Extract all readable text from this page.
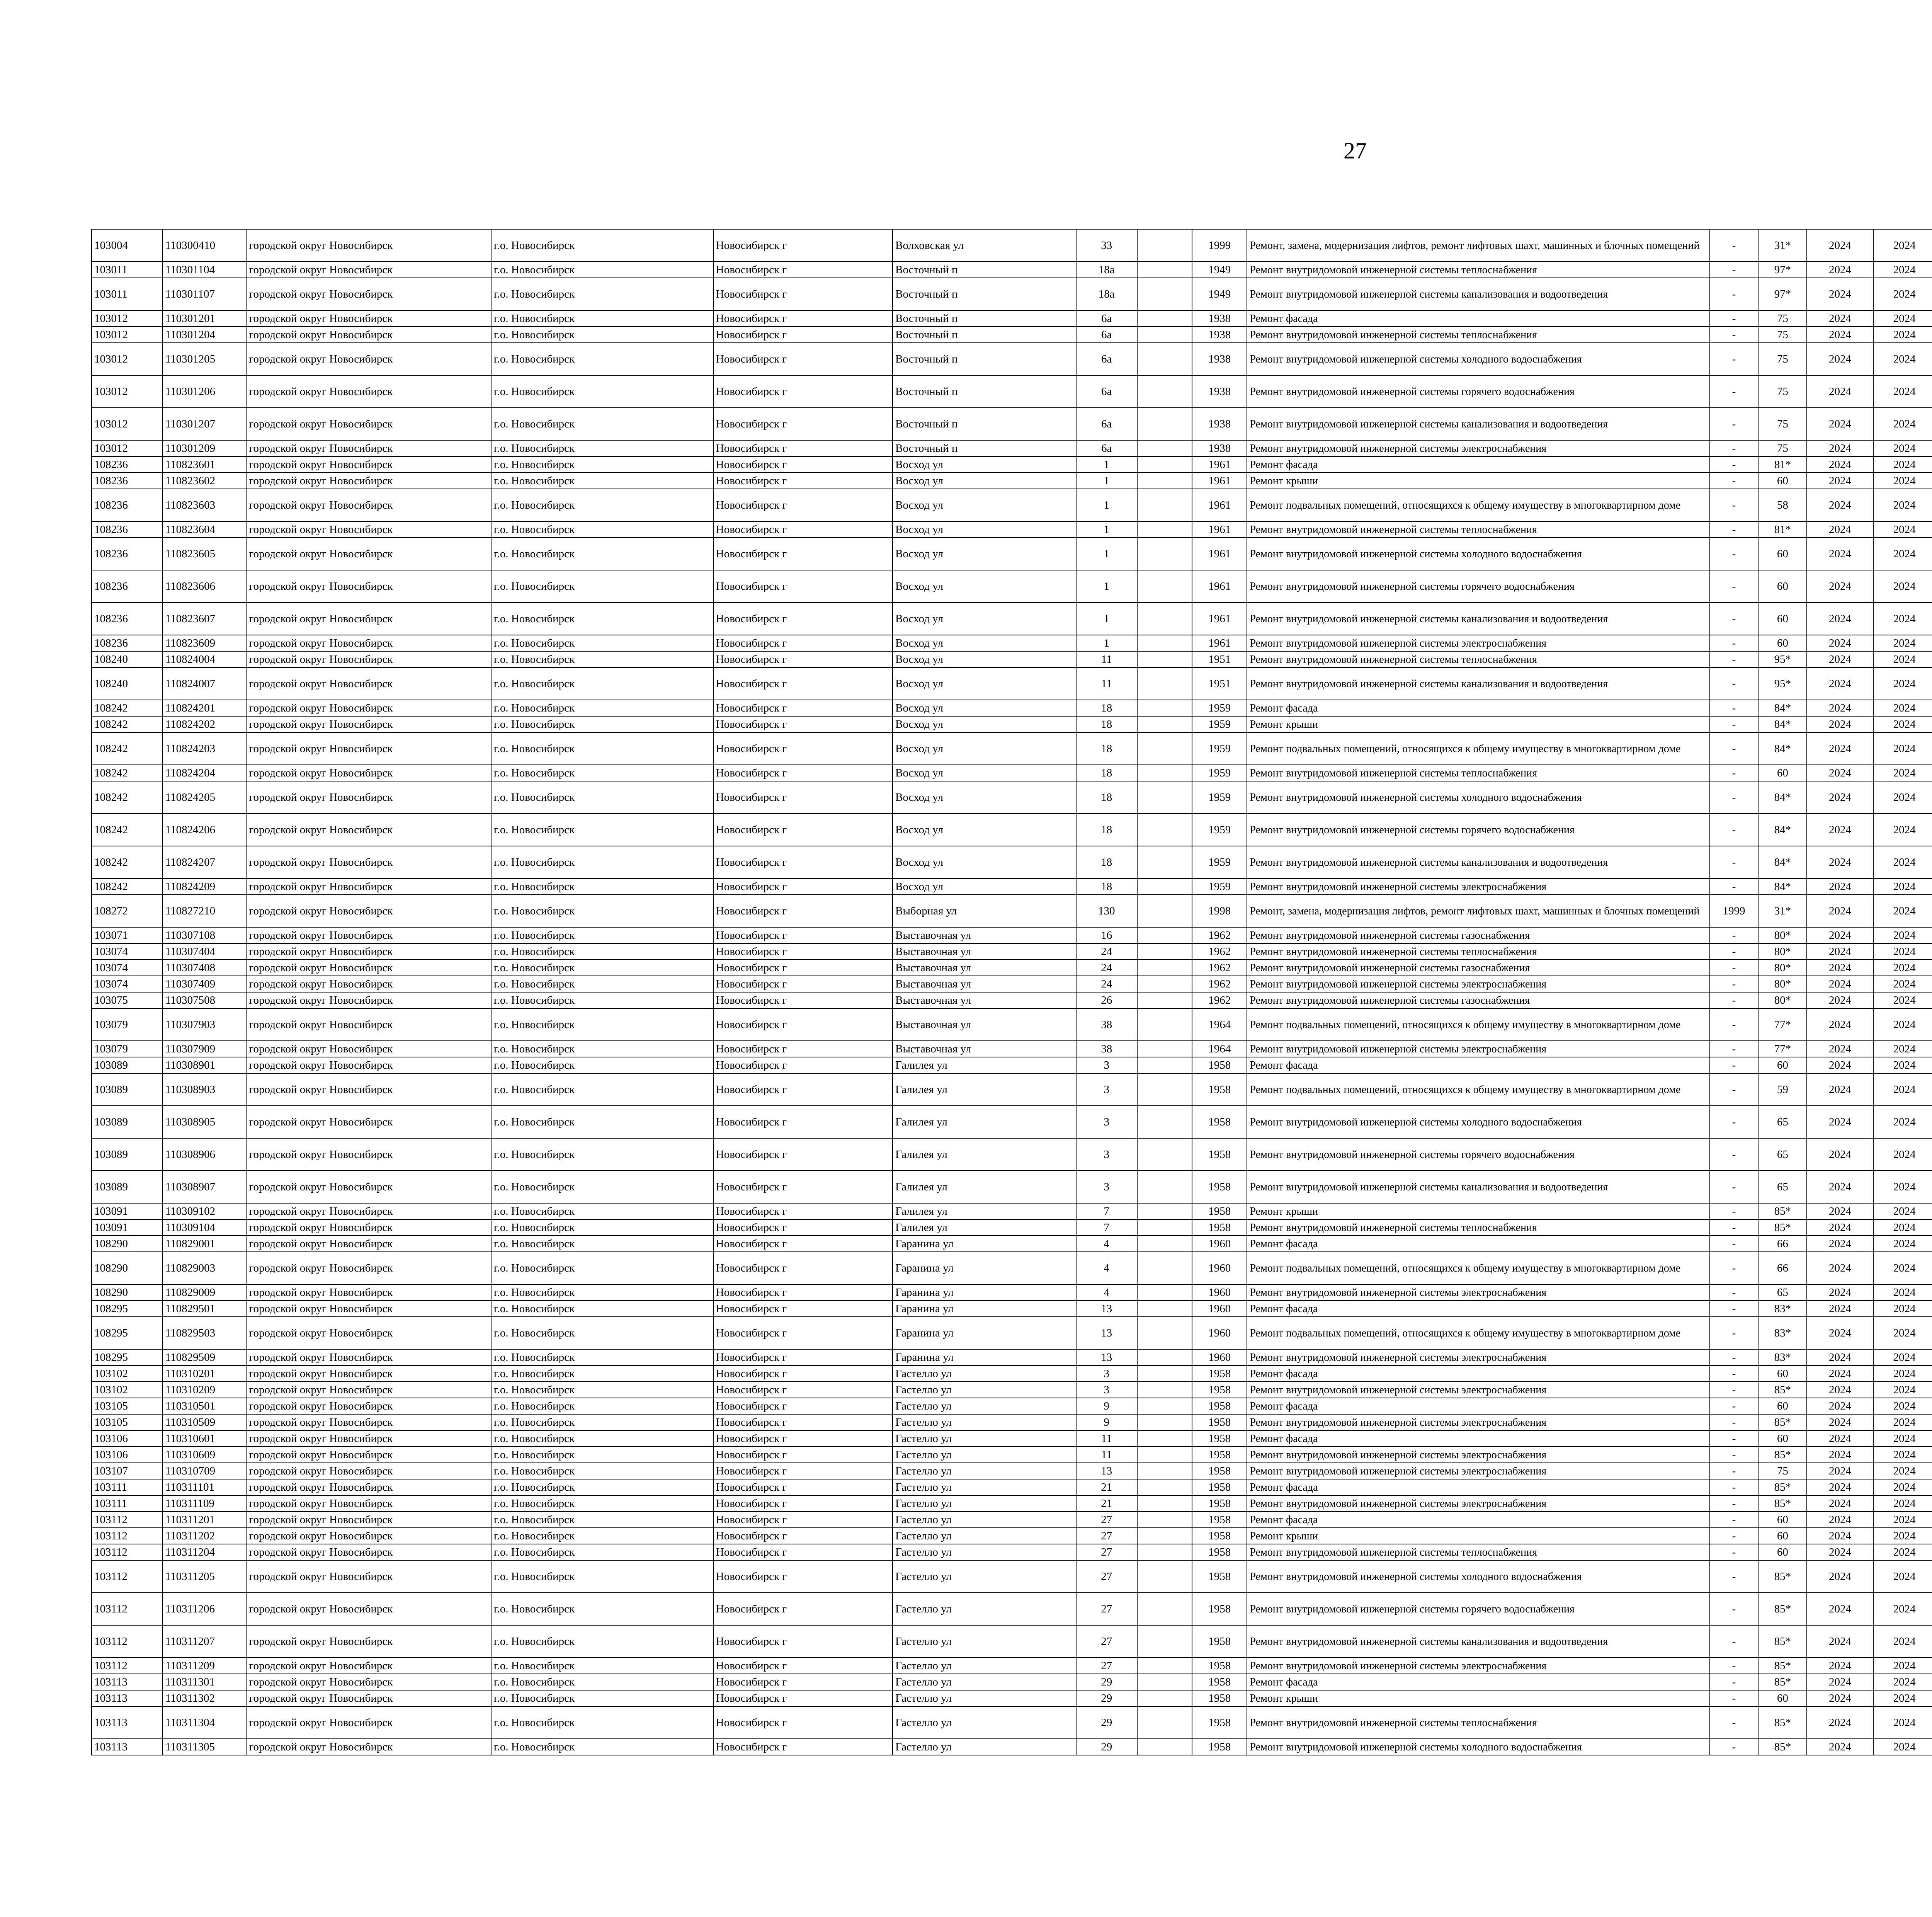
27
103004	110300410	городской округ Новосибирск	г.о. Новосибирск	Новосибирск г	Волховская ул	33		1999	Ремонт, замена, модернизация лифтов, ремонт лифтовых шахт, машинных и блочных помещений	-	31*	2024	2024					
103011	110301104	городской округ Новосибирск	г.о. Новосибирск	Новосибирск г	Восточный п	18а		1949	Ремонт внутридомовой инженерной системы теплоснабжения	-	97*	2024	2024					
103011	110301107	городской округ Новосибирск	г.о. Новосибирск	Новосибирск г	Восточный п	18а		1949	Ремонт внутридомовой инженерной системы канализования и водоотведения	-	97*	2024	2024					
103012	110301201	городской округ Новосибирск	г.о. Новосибирск	Новосибирск г	Восточный п	6а		1938	Ремонт фасада	-	75	2024	2024					
103012	110301204	городской округ Новосибирск	г.о. Новосибирск	Новосибирск г	Восточный п	6а		1938	Ремонт внутридомовой инженерной системы теплоснабжения	-	75	2024	2024					
103012	110301205	городской округ Новосибирск	г.о. Новосибирск	Новосибирск г	Восточный п	6а		1938	Ремонт внутридомовой инженерной системы холодного водоснабжения	-	75	2024	2024					
103012	110301206	городской округ Новосибирск	г.о. Новосибирск	Новосибирск г	Восточный п	6а		1938	Ремонт внутридомовой инженерной системы горячего водоснабжения	-	75	2024	2024					
103012	110301207	городской округ Новосибирск	г.о. Новосибирск	Новосибирск г	Восточный п	6а		1938	Ремонт внутридомовой инженерной системы канализования и водоотведения	-	75	2024	2024					
103012	110301209	городской округ Новосибирск	г.о. Новосибирск	Новосибирск г	Восточный п	6а		1938	Ремонт внутридомовой инженерной системы электроснабжения	-	75	2024	2024					
108236	110823601	городской округ Новосибирск	г.о. Новосибирск	Новосибирск г	Восход ул	1		1961	Ремонт фасада	-	81*	2024	2024					
108236	110823602	городской округ Новосибирск	г.о. Новосибирск	Новосибирск г	Восход ул	1		1961	Ремонт крыши	-	60	2024	2024					
108236	110823603	городской округ Новосибирск	г.о. Новосибирск	Новосибирск г	Восход ул	1		1961	Ремонт подвальных помещений, относящихся к общему имуществу в многоквартирном доме	-	58	2024	2024					
108236	110823604	городской округ Новосибирск	г.о. Новосибирск	Новосибирск г	Восход ул	1		1961	Ремонт внутридомовой инженерной системы теплоснабжения	-	81*	2024	2024					
108236	110823605	городской округ Новосибирск	г.о. Новосибирск	Новосибирск г	Восход ул	1		1961	Ремонт внутридомовой инженерной системы холодного водоснабжения	-	60	2024	2024					
108236	110823606	городской округ Новосибирск	г.о. Новосибирск	Новосибирск г	Восход ул	1		1961	Ремонт внутридомовой инженерной системы горячего водоснабжения	-	60	2024	2024					
108236	110823607	городской округ Новосибирск	г.о. Новосибирск	Новосибирск г	Восход ул	1		1961	Ремонт внутридомовой инженерной системы канализования и водоотведения	-	60	2024	2024					
108236	110823609	городской округ Новосибирск	г.о. Новосибирск	Новосибирск г	Восход ул	1		1961	Ремонт внутридомовой инженерной системы электроснабжения	-	60	2024	2024					
108240	110824004	городской округ Новосибирск	г.о. Новосибирск	Новосибирск г	Восход ул	11		1951	Ремонт внутридомовой инженерной системы теплоснабжения	-	95*	2024	2024					
108240	110824007	городской округ Новосибирск	г.о. Новосибирск	Новосибирск г	Восход ул	11		1951	Ремонт внутридомовой инженерной системы канализования и водоотведения	-	95*	2024	2024					
108242	110824201	городской округ Новосибирск	г.о. Новосибирск	Новосибирск г	Восход ул	18		1959	Ремонт фасада	-	84*	2024	2024					
108242	110824202	городской округ Новосибирск	г.о. Новосибирск	Новосибирск г	Восход ул	18		1959	Ремонт крыши	-	84*	2024	2024					
108242	110824203	городской округ Новосибирск	г.о. Новосибирск	Новосибирск г	Восход ул	18		1959	Ремонт подвальных помещений, относящихся к общему имуществу в многоквартирном доме	-	84*	2024	2024					
108242	110824204	городской округ Новосибирск	г.о. Новосибирск	Новосибирск г	Восход ул	18		1959	Ремонт внутридомовой инженерной системы теплоснабжения	-	60	2024	2024					
108242	110824205	городской округ Новосибирск	г.о. Новосибирск	Новосибирск г	Восход ул	18		1959	Ремонт внутридомовой инженерной системы холодного водоснабжения	-	84*	2024	2024					
108242	110824206	городской округ Новосибирск	г.о. Новосибирск	Новосибирск г	Восход ул	18		1959	Ремонт внутридомовой инженерной системы горячего водоснабжения	-	84*	2024	2024					
108242	110824207	городской округ Новосибирск	г.о. Новосибирск	Новосибирск г	Восход ул	18		1959	Ремонт внутридомовой инженерной системы канализования и водоотведения	-	84*	2024	2024					
108242	110824209	городской округ Новосибирск	г.о. Новосибирск	Новосибирск г	Восход ул	18		1959	Ремонт внутридомовой инженерной системы электроснабжения	-	84*	2024	2024					
108272	110827210	городской округ Новосибирск	г.о. Новосибирск	Новосибирск г	Выборная ул	130		1998	Ремонт, замена, модернизация лифтов, ремонт лифтовых шахт, машинных и блочных помещений	1999	31*	2024	2024					
103071	110307108	городской округ Новосибирск	г.о. Новосибирск	Новосибирск г	Выставочная ул	16		1962	Ремонт внутридомовой инженерной системы газоснабжения	-	80*	2024	2024					
103074	110307404	городской округ Новосибирск	г.о. Новосибирск	Новосибирск г	Выставочная ул	24		1962	Ремонт внутридомовой инженерной системы теплоснабжения	-	80*	2024	2024					
103074	110307408	городской округ Новосибирск	г.о. Новосибирск	Новосибирск г	Выставочная ул	24		1962	Ремонт внутридомовой инженерной системы газоснабжения	-	80*	2024	2024					
103074	110307409	городской округ Новосибирск	г.о. Новосибирск	Новосибирск г	Выставочная ул	24		1962	Ремонт внутридомовой инженерной системы электроснабжения	-	80*	2024	2024					
103075	110307508	городской округ Новосибирск	г.о. Новосибирск	Новосибирск г	Выставочная ул	26		1962	Ремонт внутридомовой инженерной системы газоснабжения	-	80*	2024	2024					
103079	110307903	городской округ Новосибирск	г.о. Новосибирск	Новосибирск г	Выставочная ул	38		1964	Ремонт подвальных помещений, относящихся к общему имуществу в многоквартирном доме	-	77*	2024	2024					
103079	110307909	городской округ Новосибирск	г.о. Новосибирск	Новосибирск г	Выставочная ул	38		1964	Ремонт внутридомовой инженерной системы электроснабжения	-	77*	2024	2024					
103089	110308901	городской округ Новосибирск	г.о. Новосибирск	Новосибирск г	Галилея ул	3		1958	Ремонт фасада	-	60	2024	2024					
103089	110308903	городской округ Новосибирск	г.о. Новосибирск	Новосибирск г	Галилея ул	3		1958	Ремонт подвальных помещений, относящихся к общему имуществу в многоквартирном доме	-	59	2024	2024					
103089	110308905	городской округ Новосибирск	г.о. Новосибирск	Новосибирск г	Галилея ул	3		1958	Ремонт внутридомовой инженерной системы холодного водоснабжения	-	65	2024	2024					
103089	110308906	городской округ Новосибирск	г.о. Новосибирск	Новосибирск г	Галилея ул	3		1958	Ремонт внутридомовой инженерной системы горячего водоснабжения	-	65	2024	2024					
103089	110308907	городской округ Новосибирск	г.о. Новосибирск	Новосибирск г	Галилея ул	3		1958	Ремонт внутридомовой инженерной системы канализования и водоотведения	-	65	2024	2024					
103091	110309102	городской округ Новосибирск	г.о. Новосибирск	Новосибирск г	Галилея ул	7		1958	Ремонт крыши	-	85*	2024	2024					
103091	110309104	городской округ Новосибирск	г.о. Новосибирск	Новосибирск г	Галилея ул	7		1958	Ремонт внутридомовой инженерной системы теплоснабжения	-	85*	2024	2024					
108290	110829001	городской округ Новосибирск	г.о. Новосибирск	Новосибирск г	Гаранина ул	4		1960	Ремонт фасада	-	66	2024	2024					
108290	110829003	городской округ Новосибирск	г.о. Новосибирск	Новосибирск г	Гаранина ул	4		1960	Ремонт подвальных помещений, относящихся к общему имуществу в многоквартирном доме	-	66	2024	2024					
108290	110829009	городской округ Новосибирск	г.о. Новосибирск	Новосибирск г	Гаранина ул	4		1960	Ремонт внутридомовой инженерной системы электроснабжения	-	65	2024	2024					
108295	110829501	городской округ Новосибирск	г.о. Новосибирск	Новосибирск г	Гаранина ул	13		1960	Ремонт фасада	-	83*	2024	2024					
108295	110829503	городской округ Новосибирск	г.о. Новосибирск	Новосибирск г	Гаранина ул	13		1960	Ремонт подвальных помещений, относящихся к общему имуществу в многоквартирном доме	-	83*	2024	2024					
108295	110829509	городской округ Новосибирск	г.о. Новосибирск	Новосибирск г	Гаранина ул	13		1960	Ремонт внутридомовой инженерной системы электроснабжения	-	83*	2024	2024					
103102	110310201	городской округ Новосибирск	г.о. Новосибирск	Новосибирск г	Гастелло ул	3		1958	Ремонт фасада	-	60	2024	2024					
103102	110310209	городской округ Новосибирск	г.о. Новосибирск	Новосибирск г	Гастелло ул	3		1958	Ремонт внутридомовой инженерной системы электроснабжения	-	85*	2024	2024					
103105	110310501	городской округ Новосибирск	г.о. Новосибирск	Новосибирск г	Гастелло ул	9		1958	Ремонт фасада	-	60	2024	2024					
103105	110310509	городской округ Новосибирск	г.о. Новосибирск	Новосибирск г	Гастелло ул	9		1958	Ремонт внутридомовой инженерной системы электроснабжения	-	85*	2024	2024					
103106	110310601	городской округ Новосибирск	г.о. Новосибирск	Новосибирск г	Гастелло ул	11		1958	Ремонт фасада	-	60	2024	2024					
103106	110310609	городской округ Новосибирск	г.о. Новосибирск	Новосибирск г	Гастелло ул	11		1958	Ремонт внутридомовой инженерной системы электроснабжения	-	85*	2024	2024					
103107	110310709	городской округ Новосибирск	г.о. Новосибирск	Новосибирск г	Гастелло ул	13		1958	Ремонт внутридомовой инженерной системы электроснабжения	-	75	2024	2024					
103111	110311101	городской округ Новосибирск	г.о. Новосибирск	Новосибирск г	Гастелло ул	21		1958	Ремонт фасада	-	85*	2024	2024					
103111	110311109	городской округ Новосибирск	г.о. Новосибирск	Новосибирск г	Гастелло ул	21		1958	Ремонт внутридомовой инженерной системы электроснабжения	-	85*	2024	2024					
103112	110311201	городской округ Новосибирск	г.о. Новосибирск	Новосибирск г	Гастелло ул	27		1958	Ремонт фасада	-	60	2024	2024					
103112	110311202	городской округ Новосибирск	г.о. Новосибирск	Новосибирск г	Гастелло ул	27		1958	Ремонт крыши	-	60	2024	2024					
103112	110311204	городской округ Новосибирск	г.о. Новосибирск	Новосибирск г	Гастелло ул	27		1958	Ремонт внутридомовой инженерной системы теплоснабжения	-	60	2024	2024					
103112	110311205	городской округ Новосибирск	г.о. Новосибирск	Новосибирск г	Гастелло ул	27		1958	Ремонт внутридомовой инженерной системы холодного водоснабжения	-	85*	2024	2024					
103112	110311206	городской округ Новосибирск	г.о. Новосибирск	Новосибирск г	Гастелло ул	27		1958	Ремонт внутридомовой инженерной системы горячего водоснабжения	-	85*	2024	2024					
103112	110311207	городской округ Новосибирск	г.о. Новосибирск	Новосибирск г	Гастелло ул	27		1958	Ремонт внутридомовой инженерной системы канализования и водоотведения	-	85*	2024	2024					
103112	110311209	городской округ Новосибирск	г.о. Новосибирск	Новосибирск г	Гастелло ул	27		1958	Ремонт внутридомовой инженерной системы электроснабжения	-	85*	2024	2024					
103113	110311301	городской округ Новосибирск	г.о. Новосибирск	Новосибирск г	Гастелло ул	29		1958	Ремонт фасада	-	85*	2024	2024					
103113	110311302	городской округ Новосибирск	г.о. Новосибирск	Новосибирск г	Гастелло ул	29		1958	Ремонт крыши	-	60	2024	2024					
103113	110311304	городской округ Новосибирск	г.о. Новосибирск	Новосибирск г	Гастелло ул	29		1958	Ремонт внутридомовой инженерной системы теплоснабжения	-	85*	2024	2024					
103113	110311305	городской округ Новосибирск	г.о. Новосибирск	Новосибирск г	Гастелло ул	29		1958	Ремонт внутридомовой инженерной системы холодного водоснабжения	-	85*	2024	2024					
